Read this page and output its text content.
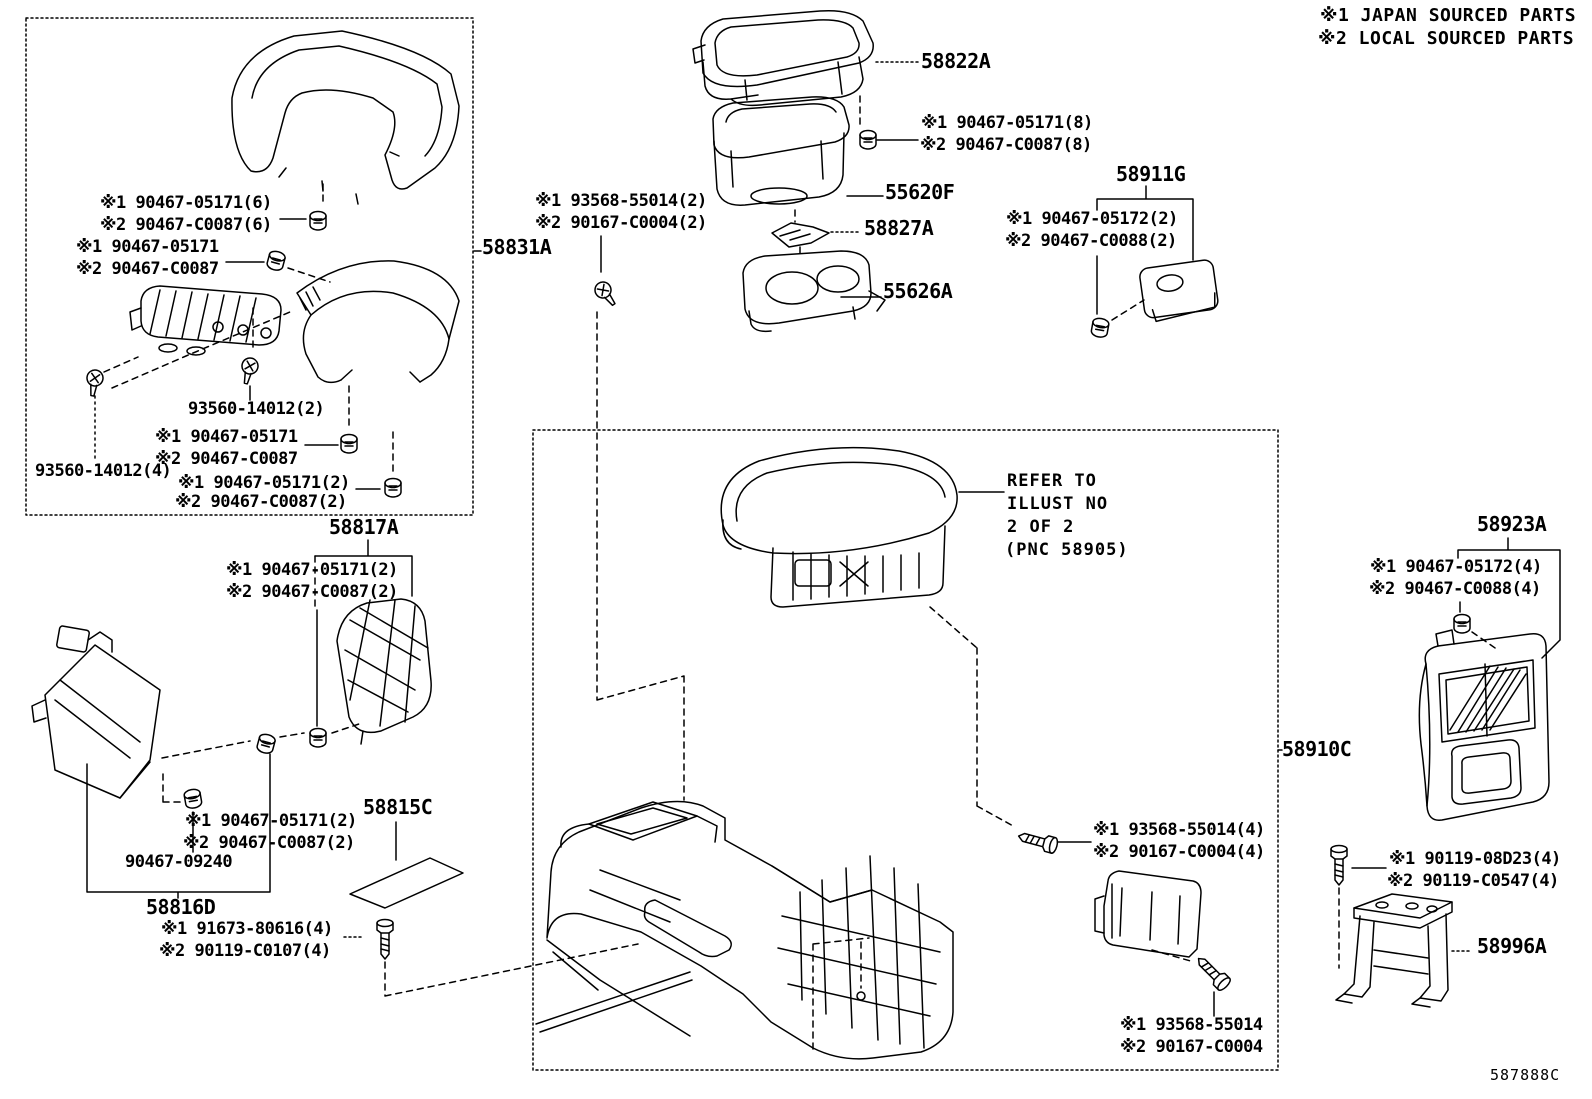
※1 JAPAN SOURCED PARTS
※2 LOCAL SOURCED PARTS
58822A
※1 90467-05171(8)
※2 90467-C0087(8)
55620F
58911G
※1 90467-05172(2)
※2 90467-C0088(2)
※1 93568-55014(2)
※2 90167-C0004(2)
58831A
58827A
55626A
※1 90467-05171(6)
※2 90467-C0087(6)
※1 90467-05171
※2 90467-C0087
93560-14012(2)
※1 90467-05171
※2 90467-C0087
93560-14012(4)
※1 90467-05171(2)
※2 90467-C0087(2)
58817A
※1 90467-05171(2)
※2 90467-C0087(2)
※1 90467-05171(2)
※2 90467-C0087(2)
90467-09240
58816D
※1 91673-80616(4)
※2 90119-C0107(4)
58815C
REFER TO
ILLUST NO
2 OF 2
(PNC 58905)
58923A
※1 90467-05172(4)
※2 90467-C0088(4)
58910C
※1 93568-55014(4)
※2 90167-C0004(4)	※1 90119-08D23(4)
※2 90119-C0547(4)
58996A
※1 93568-55014
※2 90167-C0004
587888C
